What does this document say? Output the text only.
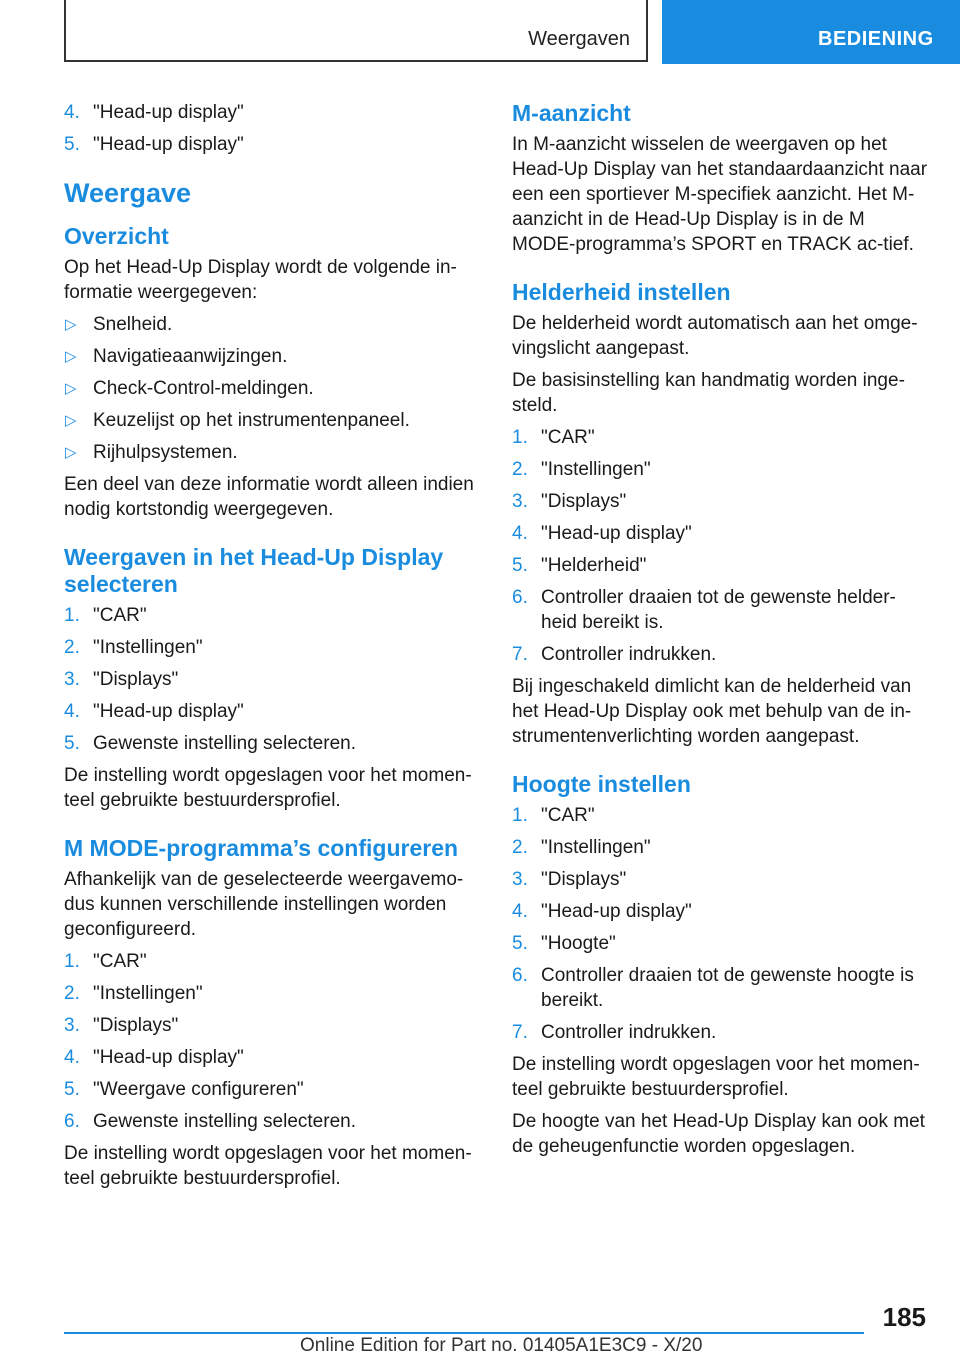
Weergaven	BEDIENING
4. "Head-up display"
5. "Head-up display"
Weergave
Overzicht

Op het Head-Up Display wordt de volgende in-formatie weergegeven:

▷ Snelheid.
▷ Navigatieaanwijzingen.
▷ Check-Control-meldingen.
▷ Keuzelijst op het instrumentenpaneel.
▷ Rijhulpsystemen.

Een deel van deze informatie wordt alleen indien nodig kortstondig weergegeven.

Weergaven in het Head-Up Display selecteren
1. "CAR"
2. "Instellingen"
3. "Displays"
4. "Head-up display"
5. Gewenste instelling selecteren.

De instelling wordt opgeslagen voor het momen-teel gebruikte bestuurdersprofiel.

M MODE-programma’s configureren

Afhankelijk van de geselecteerde weergavemo-dus kunnen verschillende instellingen worden geconfigureerd.

1. "CAR"
2. "Instellingen"
3. "Displays"
4. "Head-up display"
5. "Weergave configureren"
6. Gewenste instelling selecteren.

De instelling wordt opgeslagen voor het momen-teel gebruikte bestuurdersprofiel.

M-aanzicht

In M-aanzicht wisselen de weergaven op het Head-Up Display van het standaardaanzicht naar een een sportiever M-specifiek aanzicht. Het M-aanzicht in de Head-Up Display is in de M MODE-programma’s SPORT en TRACK ac-tief.

Helderheid instellen

De helderheid wordt automatisch aan het omge-vingslicht aangepast.

De basisinstelling kan handmatig worden inge-steld.

1. "CAR"
2. "Instellingen"
3. "Displays"
4. "Head-up display"
5. "Helderheid"
6. Controller draaien tot de gewenste helder-heid bereikt is.
7. Controller indrukken.

Bij ingeschakeld dimlicht kan de helderheid van het Head-Up Display ook met behulp van de in-strumentenverlichting worden aangepast.

Hoogte instellen
1. "CAR"
2. "Instellingen"
3. "Displays"
4. "Head-up display"
5. "Hoogte"
6. Controller draaien tot de gewenste hoogte is bereikt.
7. Controller indrukken.

De instelling wordt opgeslagen voor het momen-teel gebruikte bestuurdersprofiel.

De hoogte van het Head-Up Display kan ook met de geheugenfunctie worden opgeslagen.

185
Online Edition for Part no. 01405A1E3C9 - X/20
